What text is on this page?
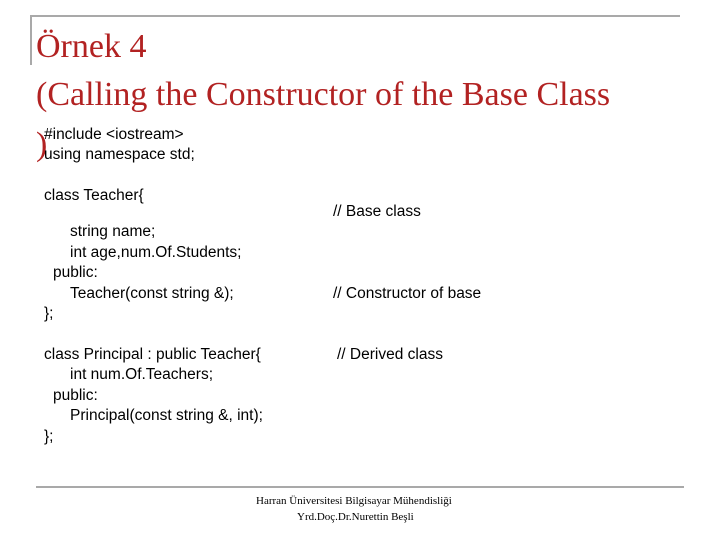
Örnek 4
(Calling the Constructor of the Base Class
)
#include <iostream>
using namespace std;
class Teacher{
// Base class
string name;
int age,num.Of.Students;
public:
Teacher(const string &);	// Constructor of base
};
class Principal : public Teacher{	// Derived class
int num.Of.Teachers;
public:
Principal(const string &, int);
};
Harran Üniversitesi Bilgisayar Mühendisliği
Yrd.Doç.Dr.Nurettin Beşli
